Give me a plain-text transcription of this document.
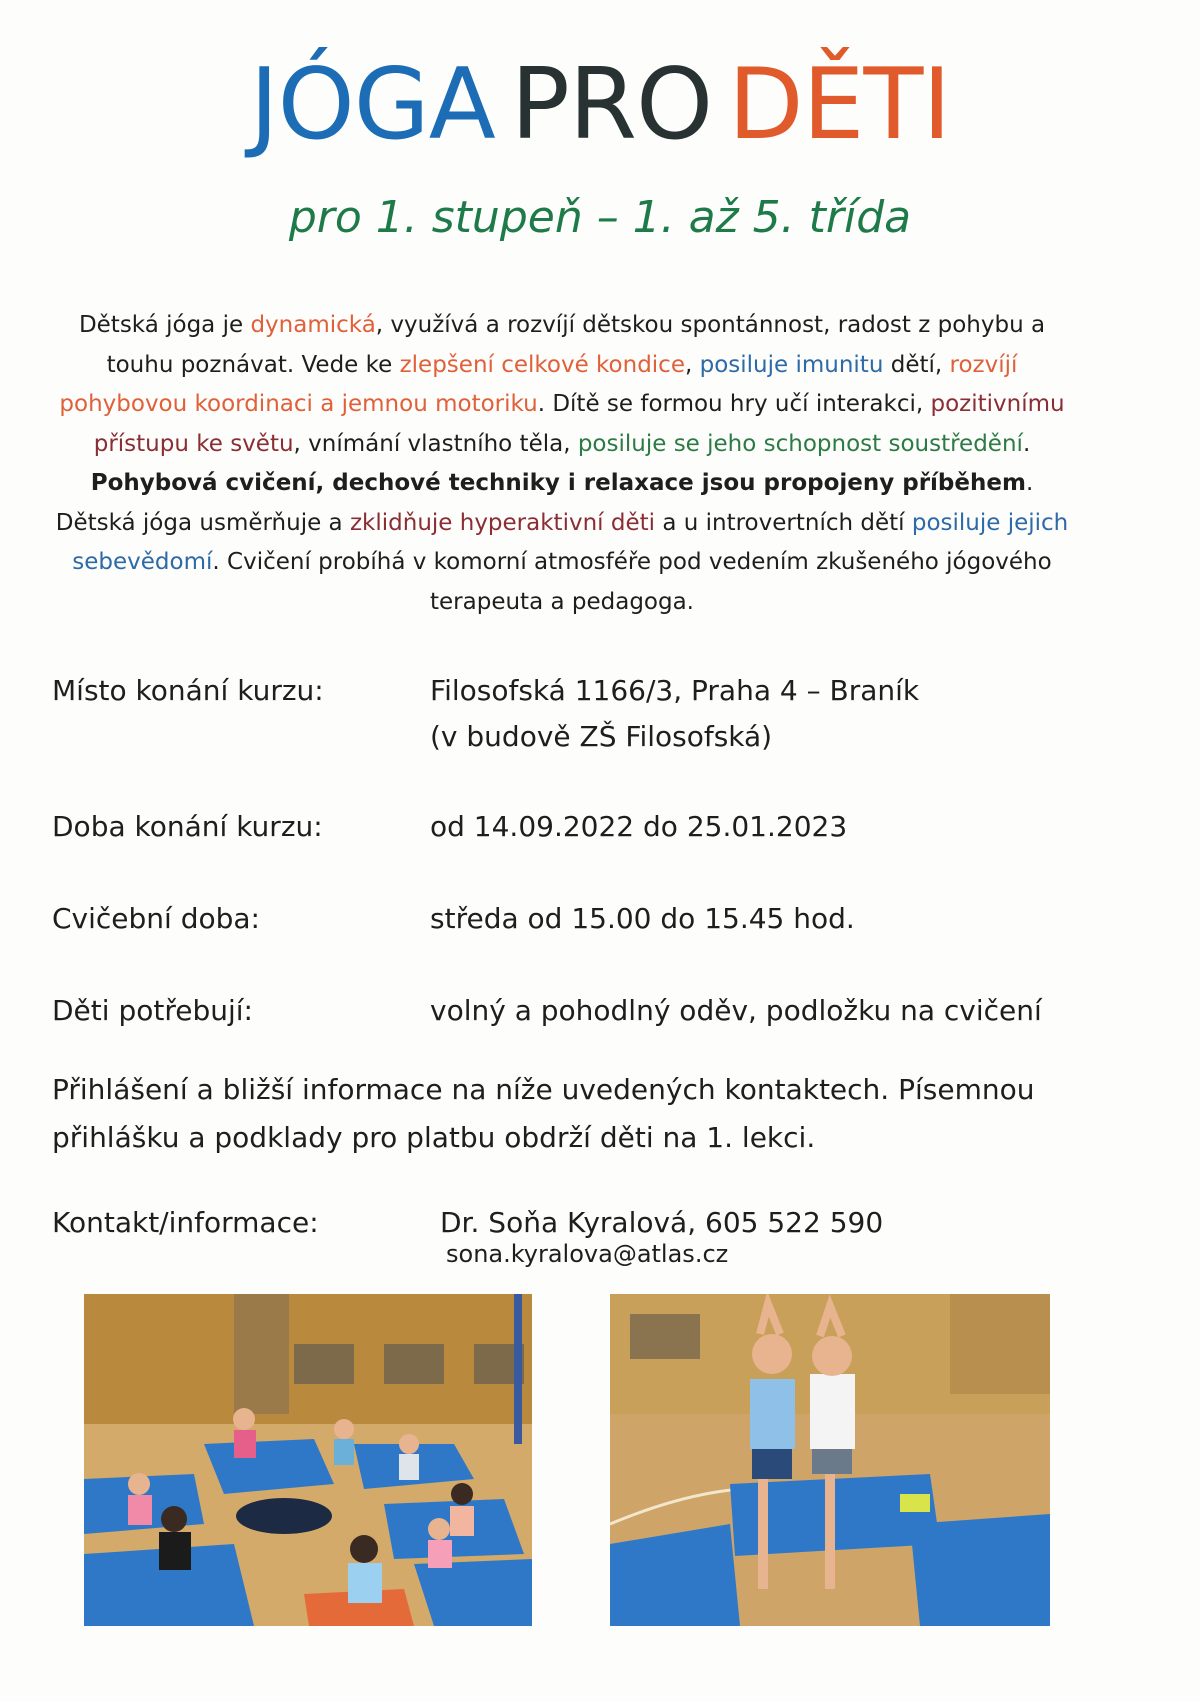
JÓGA PRO DĚTI

pro 1. stupeň – 1. až 5. třída

Dětská jóga je dynamická, využívá a rozvíjí dětskou spontánnost, radost z pohybu a touhu poznávat. Vede ke zlepšení celkové kondice, posiluje imunitu dětí, rozvíjí pohybovou koordinaci a jemnou motoriku. Dítě se formou hry učí interakci, pozitivnímu přístupu ke světu, vnímání vlastního těla, posiluje se jeho schopnost soustředění. Pohybová cvičení, dechové techniky i relaxace jsou propojeny příběhem. Dětská jóga usměrňuje a zklidňuje hyperaktivní děti a u introvertních dětí posiluje jejich sebevědomí. Cvičení probíhá v komorní atmosféře pod vedením zkušeného jógového terapeuta a pedagoga.

Místo konání kurzu:	Filosofská 1166/3, Praha 4 – Braník
(v budově ZŠ Filosofská)
Doba konání kurzu:	od 14.09.2022 do 25.01.2023
Cvičební doba:	středa od 15.00 do 15.45 hod.
Děti potřebují:	volný a pohodlný oděv, podložku na cvičení

Přihlášení a bližší informace na níže uvedených kontaktech. Písemnou přihlášku a podklady pro platbu obdrží děti na 1. lekci.

Kontakt/informace:	Dr. Soňa Kyralová, 605 522 590
sona.kyralova@atlas.cz
